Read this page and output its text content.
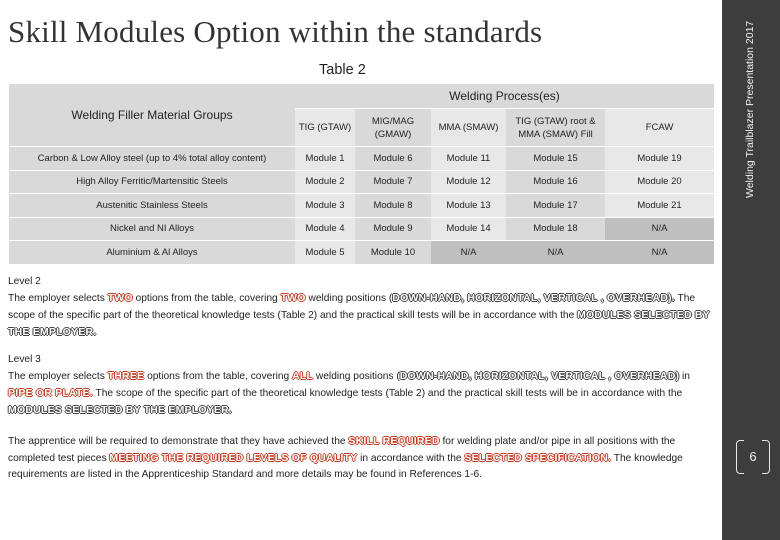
Skill Modules Option within the standards
Table 2	Welding Trailblazer Presentation 2017
6
Welding Filler Material Groups	Welding Process(es)				
	TIG (GTAW)	MIG/MAG (GMAW)	MMA (SMAW)	TIG (GTAW) root & MMA (SMAW) Fill	FCAW
Carbon & Low Alloy steel (up to 4% total alloy content)	Module 1	Module 6	Module 11	Module 15	Module 19
High Alloy Ferritic/Martensitic Steels	Module 2	Module 7	Module 12	Module 16	Module 20
Austenitic Stainless Steels	Module 3	Module 8	Module 13	Module 17	Module 21
Nickel and NI Alloys	Module 4	Module 9	Module 14	Module 18	N/A
Aluminium & Al Alloys	Module 5	Module 10	N/A	N/A	N/A
Level 2
The employer selects TWO options from the table, covering TWO welding positions (DOWN-HAND, HORIZONTAL, VERTICAL , OVERHEAD). The scope of the specific part of the theoretical knowledge tests (Table 2) and the practical skill tests will be in accordance with the MODULES SELECTED BY THE EMPLOYER.
Level 3
The employer selects THREE options from the table, covering ALL welding positions (DOWN-HAND, HORIZONTAL, VERTICAL , OVERHEAD) in PIPE OR PLATE. The scope of the specific part of the theoretical knowledge tests (Table 2) and the practical skill tests will be in accordance with the MODULES SELECTED BY THE EMPLOYER.
The apprentice will be required to demonstrate that they have achieved the SKILL REQUIRED for welding plate and/or pipe in all positions with the completed test pieces MEETING THE REQUIRED LEVELS OF QUALITY in accordance with the SELECTED SPECIFICATION. The knowledge requirements are listed in the Apprenticeship Standard and more details may be found in References 1-6.
